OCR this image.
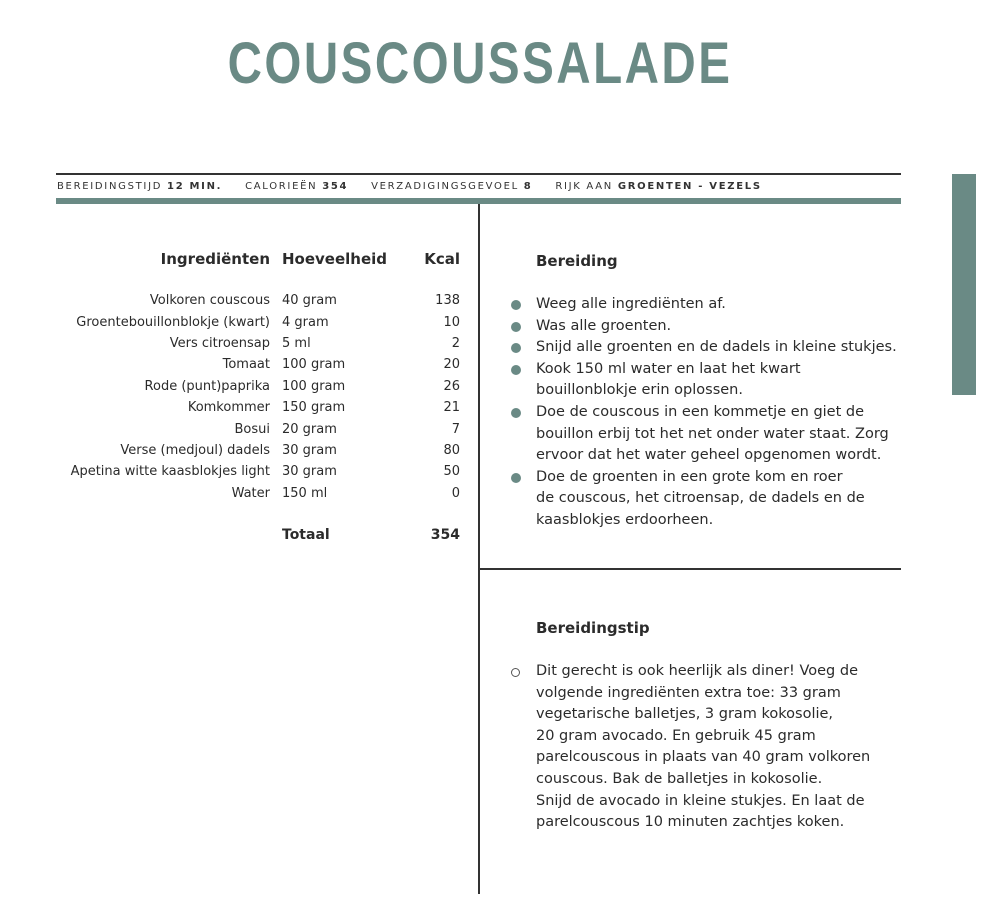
COUSCOUSSALADE
BEREIDINGSTIJD 12 MIN. CALORIEËN 354 VERZADIGINGSGEVOEL 8 RIJK AAN GROENTEN - VEZELS
Ingrediënten	Hoeveelheid	Kcal
Volkoren couscous	40 gram	138
Groentebouillonblokje (kwart)	4 gram	10
Vers citroensap	5 ml	2
Tomaat	100 gram	20
Rode (punt)paprika	100 gram	26
Komkommer	150 gram	21
Bosui	20 gram	7
Verse (medjoul) dadels	30 gram	80
Apetina witte kaasblokjes light	30 gram	50
Water	150 ml	0
	Totaal	354
Bereiding
Weeg alle ingrediënten af.
Was alle groenten.
Snijd alle groenten en de dadels in kleine stukjes.
Kook 150 ml water en laat het kwart
bouillonblokje erin oplossen.
Doe de couscous in een kommetje en giet de
bouillon erbij tot het net onder water staat. Zorg
ervoor dat het water geheel opgenomen wordt.
Doe de groenten in een grote kom en roer
de couscous, het citroensap, de dadels en de
kaasblokjes erdoorheen.
Bereidingstip
Dit gerecht is ook heerlijk als diner! Voeg de
volgende ingrediënten extra toe: 33 gram
vegetarische balletjes, 3 gram kokosolie,
20 gram avocado. En gebruik 45 gram
parelcouscous in plaats van 40 gram volkoren
couscous. Bak de balletjes in kokosolie.
Snijd de avocado in kleine stukjes. En laat de
parelcouscous 10 minuten zachtjes koken.
